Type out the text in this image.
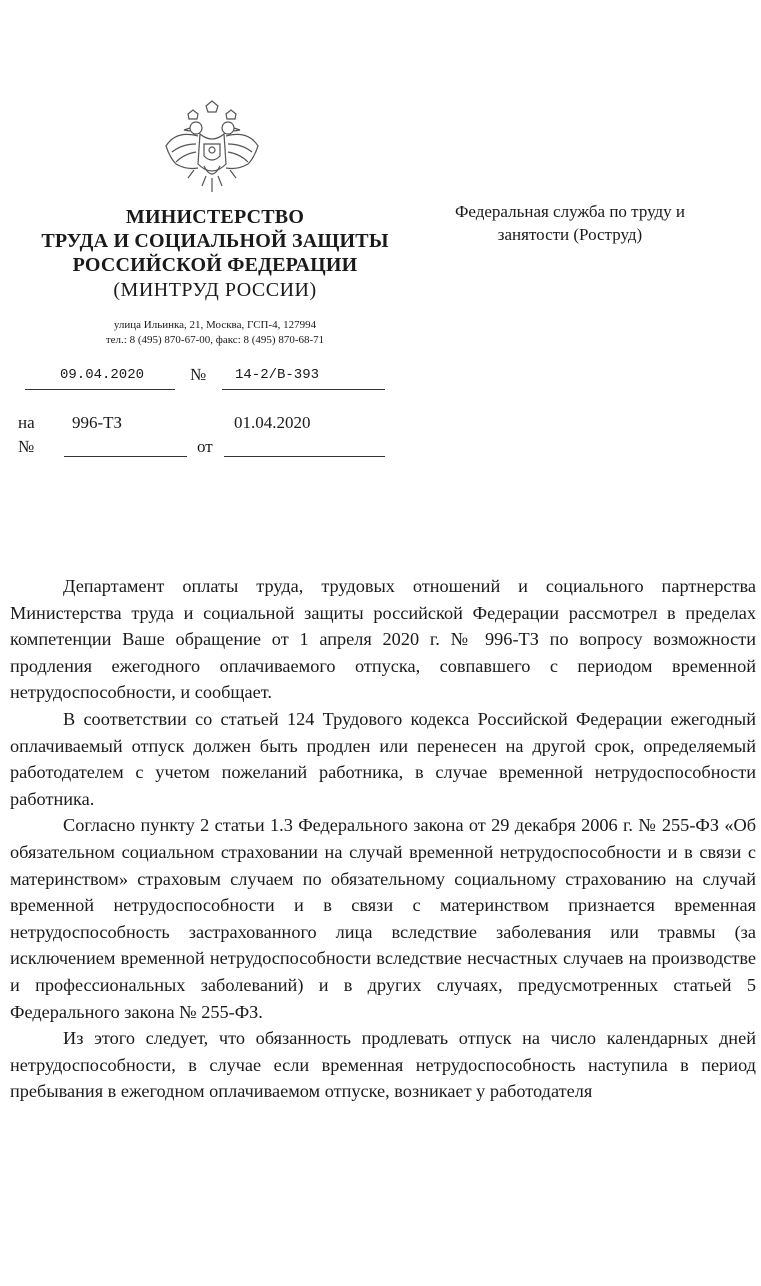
МИНИСТЕРСТВО
ТРУДА И СОЦИАЛЬНОЙ ЗАЩИТЫ
РОССИЙСКОЙ ФЕДЕРАЦИИ
(МИНТРУД РОССИИ)
улица Ильинка, 21, Москва, ГСП-4, 127994
тел.: 8 (495) 870-67-00, факс: 8 (495) 870-68-71
09.04.2020	№ 14-2/В-393
на
№
996-ТЗ
от
01.04.2020
Федеральная служба по труду и
занятости (Роструд)

Департамент оплаты труда, трудовых отношений и социального партнерства Министерства труда и социальной защиты российской Федерации рассмотрел в пределах компетенции Ваше обращение от 1 апреля 2020 г. № 996-ТЗ по вопросу возможности продления ежегодного оплачиваемого отпуска, совпавшего с периодом временной нетрудоспособности, и сообщает.

В соответствии со статьей 124 Трудового кодекса Российской Федерации ежегодный оплачиваемый отпуск должен быть продлен или перенесен на другой срок, определяемый работодателем с учетом пожеланий работника, в случае временной нетрудоспособности работника.

Согласно пункту 2 статьи 1.3 Федерального закона от 29 декабря 2006 г. № 255-ФЗ «Об обязательном социальном страховании на случай временной нетрудоспособности и в связи с материнством» страховым случаем по обязательному социальному страхованию на случай временной нетрудоспособности и в связи с материнством признается временная нетрудоспособность застрахованного лица вследствие заболевания или травмы (за исключением временной нетрудоспособности вследствие несчастных случаев на производстве и профессиональных заболеваний) и в других случаях, предусмотренных статьей 5 Федерального закона № 255-ФЗ.

Из этого следует, что обязанность продлевать отпуск на число календарных дней нетрудоспособности, в случае если временная нетрудоспособность наступила в период пребывания в ежегодном оплачиваемом отпуске, возникает у работодателя
